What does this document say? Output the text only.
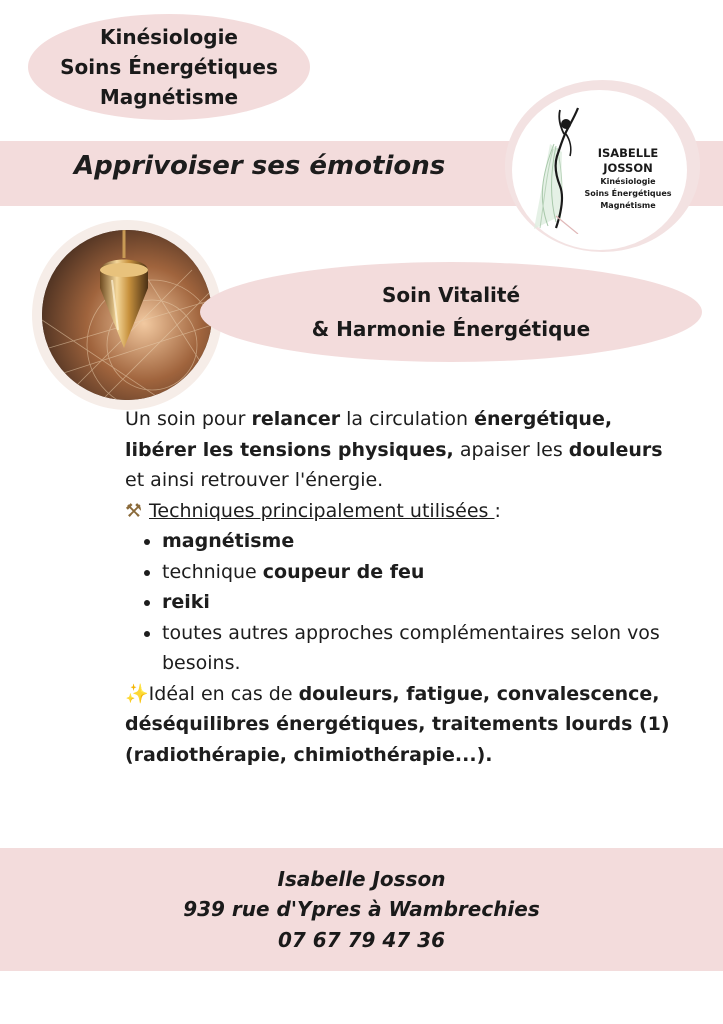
Kinésiologie
Soins Énergétiques
Magnétisme
Apprivoiser ses émotions	ISABELLE
JOSSON
Kinésiologie
Soins Énergétiques
Magnétisme
Soin Vitalité
& Harmonie Énergétique

Un soin pour relancer la circulation énergétique, libérer les tensions physiques, apaiser les douleurs et ainsi retrouver l'énergie.

⚒ Techniques principalement utilisées :

• magnétisme
• technique coupeur de feu
• reiki
• toutes autres approches complémentaires selon vos besoins.

✨Idéal en cas de douleurs, fatigue, convalescence, déséquilibres énergétiques, traitements lourds (1) (radiothérapie, chimiothérapie...).

Isabelle Josson
939 rue d'Ypres à Wambrechies
07 67 79 47 36
